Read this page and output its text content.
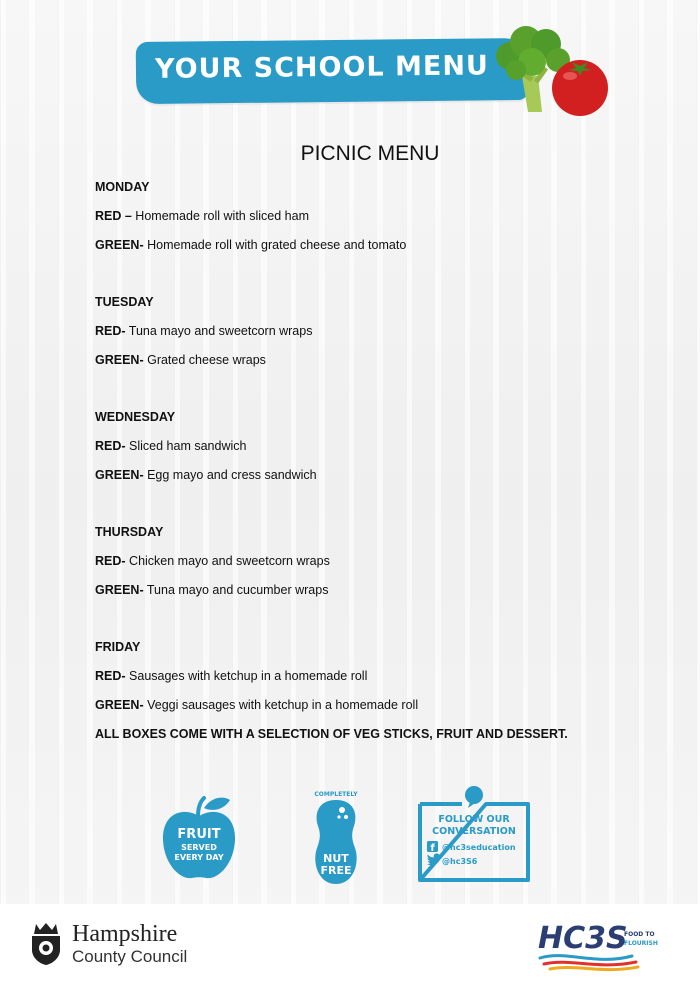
YOUR SCHOOL MENU
PICNIC MENU
MONDAY
RED – Homemade roll with sliced ham
GREEN- Homemade roll with grated cheese and tomato
TUESDAY
RED- Tuna mayo and sweetcorn wraps
GREEN- Grated cheese wraps
WEDNESDAY
RED- Sliced ham sandwich
GREEN- Egg mayo and cress sandwich
THURSDAY
RED- Chicken mayo and sweetcorn wraps
GREEN- Tuna mayo and cucumber wraps
FRIDAY
RED- Sausages with ketchup in a homemade roll
GREEN- Veggi sausages with ketchup in a homemade roll
ALL BOXES COME WITH A SELECTION OF VEG STICKS, FRUIT AND DESSERT.
FRUIT
SERVED
EVERY DAY
COMPLETELY
NUT
FREE
FOLLOW OUR
CONVERSATION
f @hc3seducation
@hc3S6
Hampshire
County Council
HC3S
FOOD TO
FLOURISH
